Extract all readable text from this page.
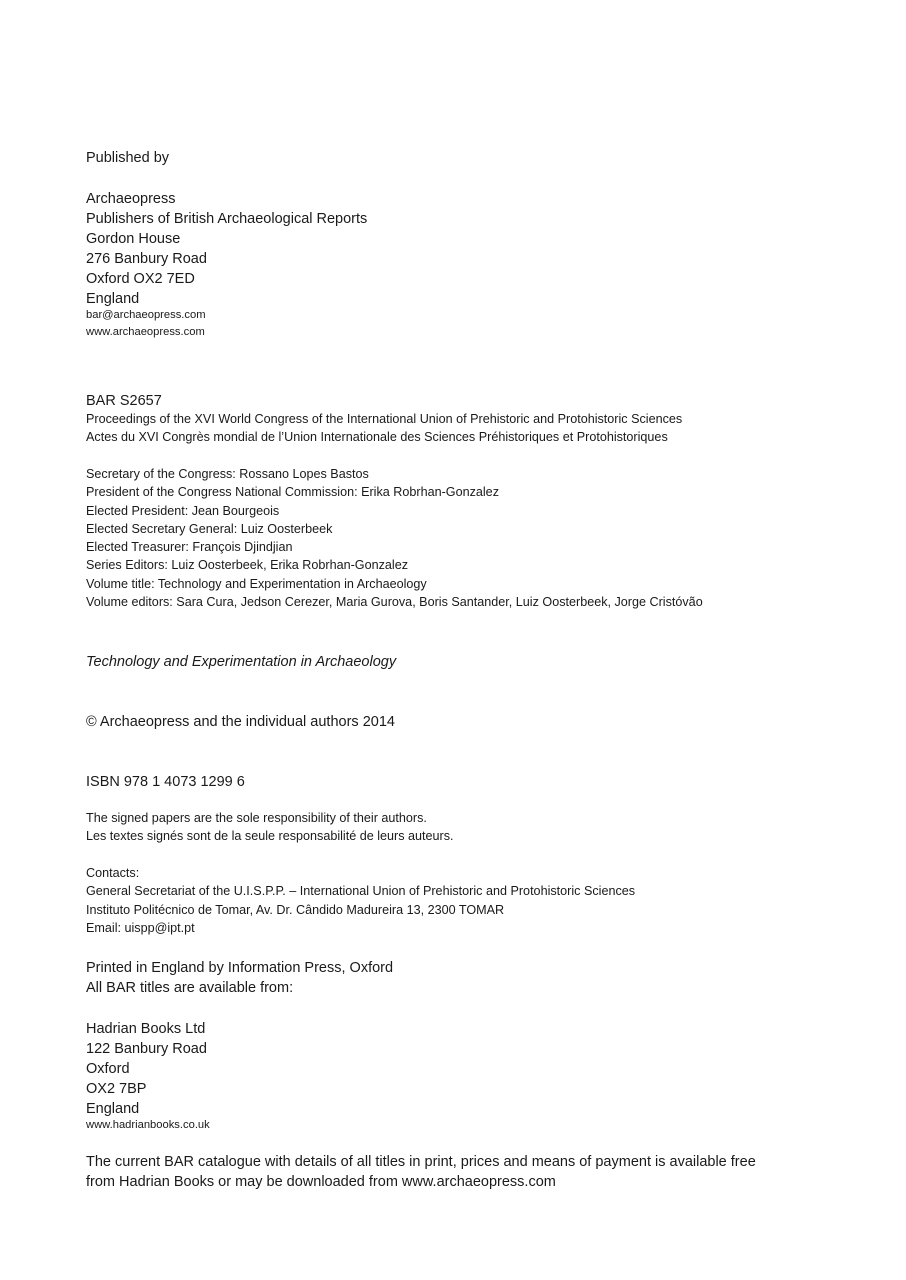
Published by
Archaeopress
Publishers of British Archaeological Reports
Gordon House
276 Banbury Road
Oxford OX2 7ED
England
bar@archaeopress.com
www.archaeopress.com
BAR S2657
Proceedings of the XVI World Congress of the International Union of Prehistoric and Protohistoric Sciences
Actes du XVI Congrès mondial de l’Union Internationale des Sciences Préhistoriques et Protohistoriques
Secretary of the Congress: Rossano Lopes Bastos
President of the Congress National Commission: Erika Robrhan-Gonzalez
Elected President: Jean Bourgeois
Elected Secretary General: Luiz Oosterbeek
Elected Treasurer: François Djindjian
Series Editors: Luiz Oosterbeek, Erika Robrhan-Gonzalez
Volume title: Technology and Experimentation in Archaeology
Volume editors: Sara Cura, Jedson Cerezer, Maria Gurova, Boris Santander, Luiz Oosterbeek, Jorge Cristóvão
Technology and Experimentation in Archaeology
© Archaeopress and the individual authors 2014
ISBN 978 1 4073 1299 6
The signed papers are the sole responsibility of their authors.
Les textes signés sont de la seule responsabilité de leurs auteurs.
Contacts:
General Secretariat of the U.I.S.P.P. – International Union of Prehistoric and Protohistoric Sciences
Instituto Politécnico de Tomar, Av. Dr. Cândido Madureira 13, 2300 TOMAR
Email: uispp@ipt.pt
Printed in England by Information Press, Oxford
All BAR titles are available from:
Hadrian Books Ltd
122 Banbury Road
Oxford
OX2 7BP
England
www.hadrianbooks.co.uk
The current BAR catalogue with details of all titles in print, prices and means of payment is available free
from Hadrian Books or may be downloaded from www.archaeopress.com
